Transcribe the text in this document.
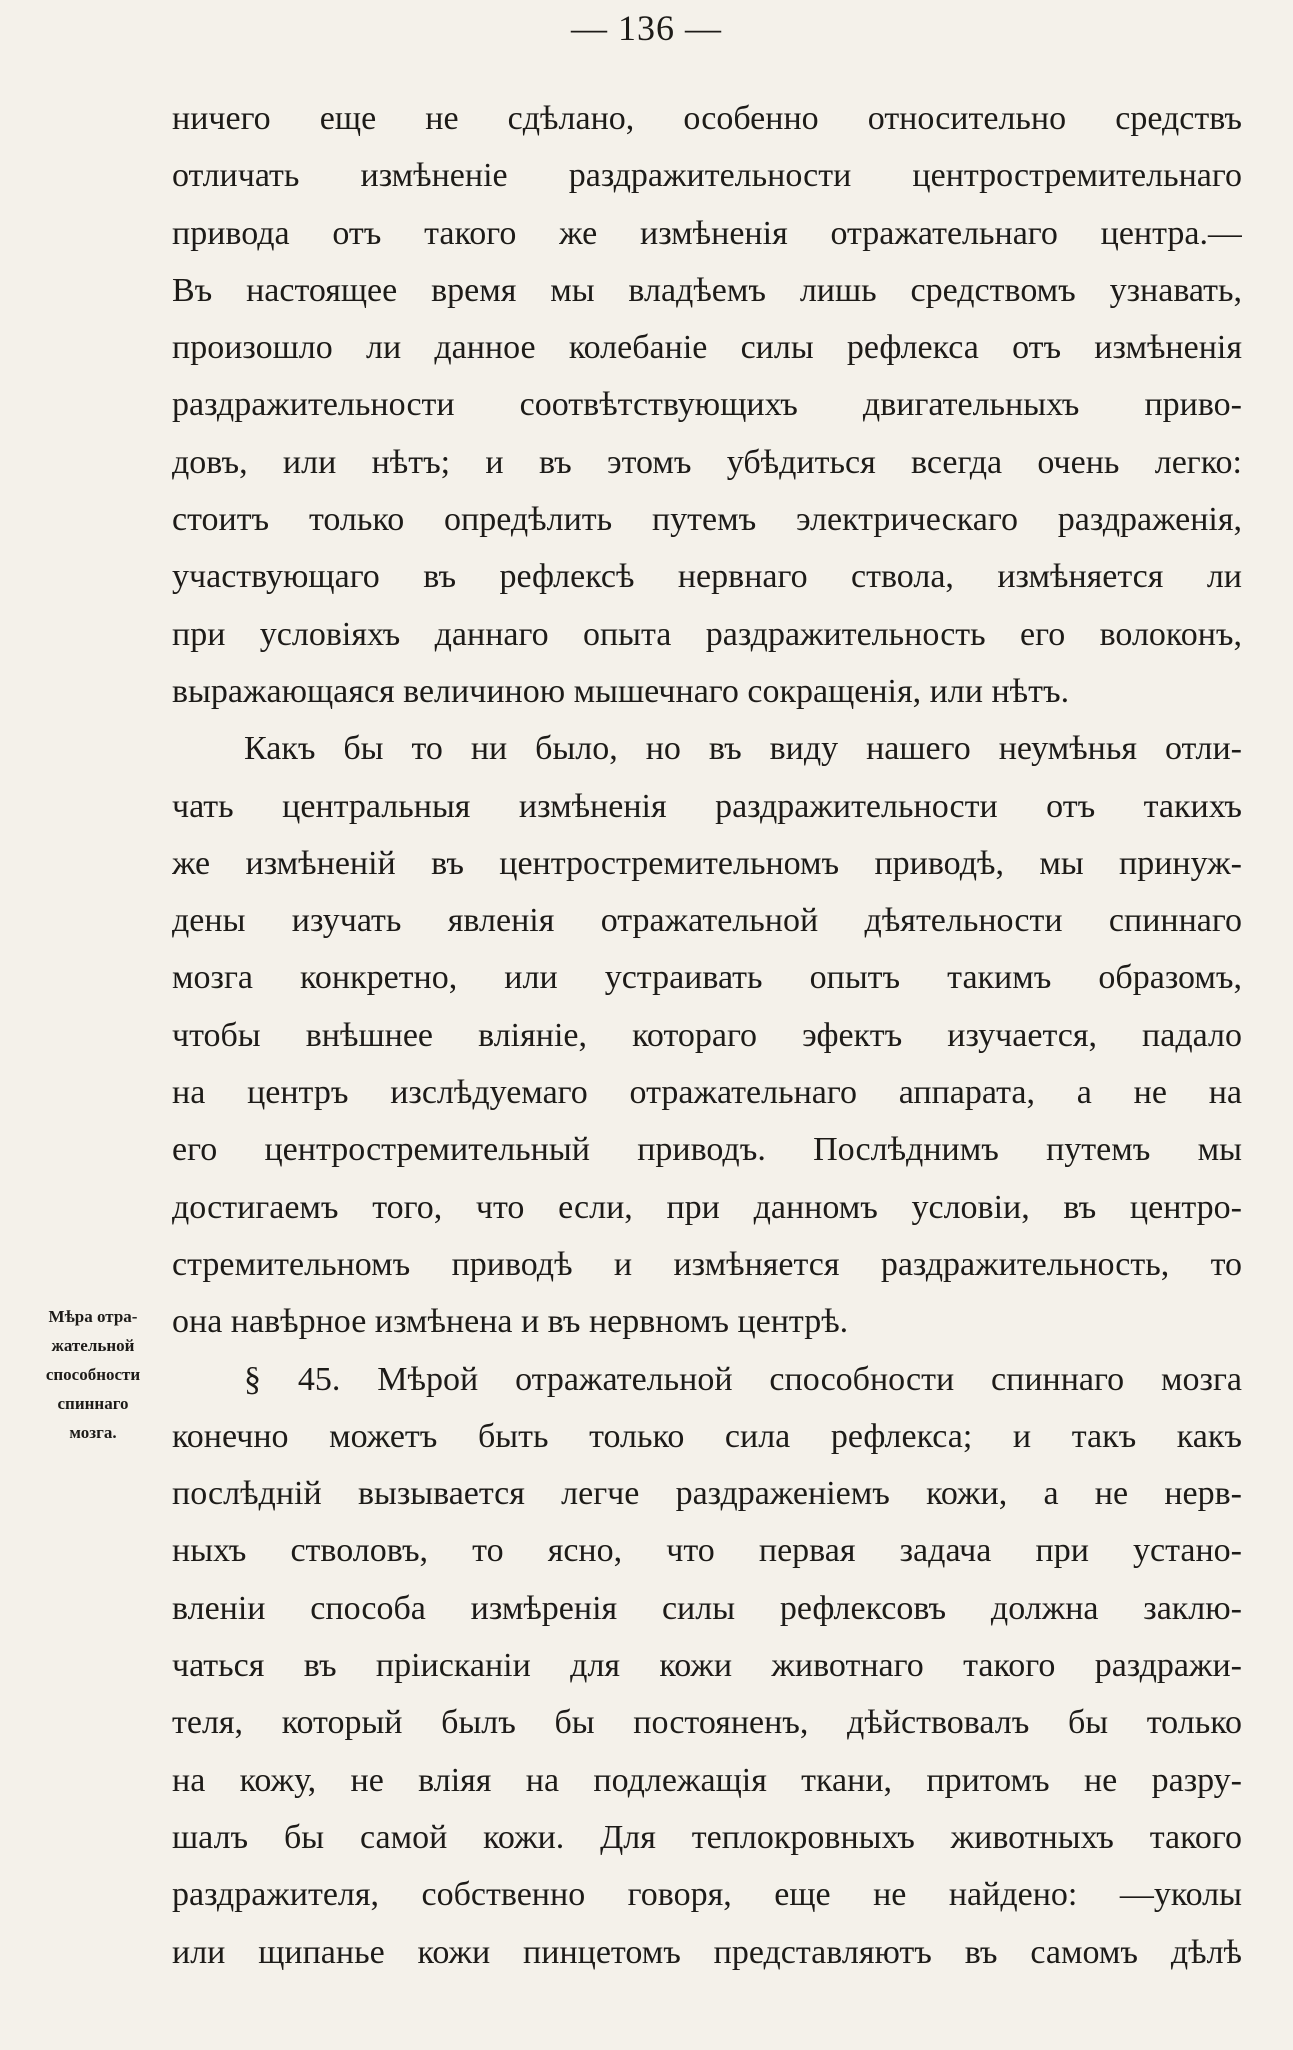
— 136 —
Мѣра отра-
жательной
способности
спиннаго
мозга.
ничего еще не сдѣлано, особенно относительно средствъ
отличать измѣненіе раздражительности центростремительнаго
привода отъ такого же измѣненія отражательнаго центра.—
Въ настоящее время мы владѣемъ лишь средствомъ узнавать,
произошло ли данное колебаніе силы рефлекса отъ измѣненія
раздражительности соотвѣтствующихъ двигательныхъ приво-
довъ, или нѣтъ; и въ этомъ убѣдиться всегда очень легко:
стоитъ только опредѣлить путемъ электрическаго раздраженія,
участвующаго въ рефлексѣ нервнаго ствола, измѣняется ли
при условіяхъ даннаго опыта раздражительность его волоконъ,
выражающаяся величиною мышечнаго сокращенія, или нѣтъ.
Какъ бы то ни было, но въ виду нашего неумѣнья отли-
чать центральныя измѣненія раздражительности отъ такихъ
же измѣненій въ центростремительномъ приводѣ, мы принуж-
дены изучать явленія отражательной дѣятельности спиннаго
мозга конкретно, или устраивать опытъ такимъ образомъ,
чтобы внѣшнее вліяніе, котораго эфектъ изучается, падало
на центръ изслѣдуемаго отражательнаго аппарата, а не на
его центростремительный приводъ. Послѣднимъ путемъ мы
достигаемъ того, что если, при данномъ условіи, въ центро-
стремительномъ приводѣ и измѣняется раздражительность, то
она навѣрное измѣнена и въ нервномъ центрѣ.
§ 45. Мѣрой отражательной способности спиннаго мозга
конечно можетъ быть только сила рефлекса; и такъ какъ
послѣдній вызывается легче раздраженіемъ кожи, а не нерв-
ныхъ стволовъ, то ясно, что первая задача при устано-
вленіи способа измѣренія силы рефлексовъ должна заклю-
чаться въ пріисканіи для кожи животнаго такого раздражи-
теля, который былъ бы постояненъ, дѣйствовалъ бы только
на кожу, не вліяя на подлежащія ткани, притомъ не разру-
шалъ бы самой кожи. Для теплокровныхъ животныхъ такого
раздражителя, собственно говоря, еще не найдено: —уколы
или щипанье кожи пинцетомъ представляютъ въ самомъ дѣлѣ
